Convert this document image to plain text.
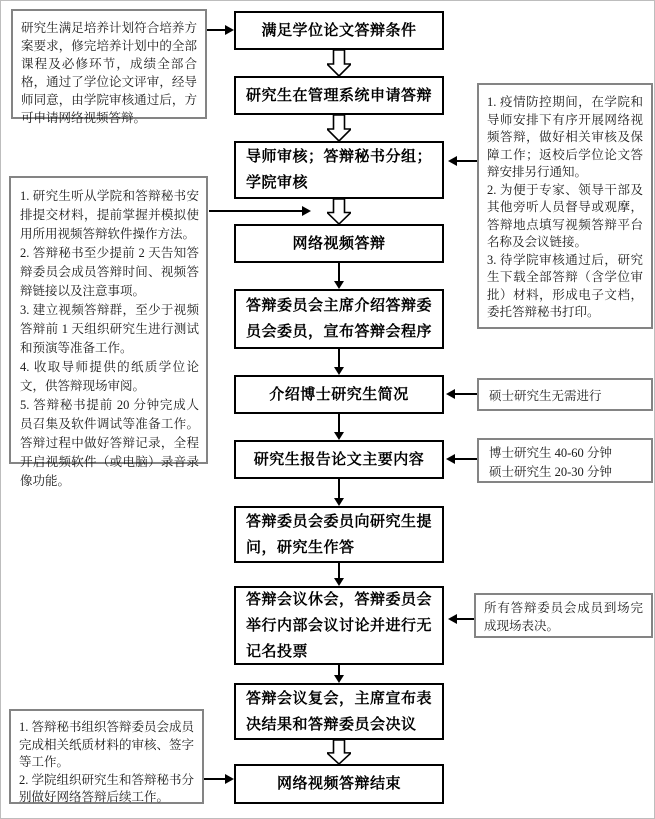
满足学位论文答辩条件
研究生在管理系统申请答辩
导师审核；答辩秘书分组；学院审核
网络视频答辩
答辩委员会主席介绍答辩委员会委员，宣布答辩会程序
介绍博士研究生简况
研究生报告论文主要内容
答辩委员会委员向研究生提问，研究生作答
答辩会议休会，答辩委员会举行内部会议讨论并进行无记名投票
答辩会议复会，主席宣布表决结果和答辩委员会决议
网络视频答辩结束
研究生满足培养计划符合培养方案要求，修完培养计划中的全部课程及必修环节，成绩全部合格，通过了学位论文评审，经导师同意，由学院审核通过后，方可申请网络视频答辩。
1. 研究生听从学院和答辩秘书安排提交材料，提前掌握并模拟使用所用视频答辩软件操作方法。
2. 答辩秘书至少提前 2 天告知答辩委员会成员答辩时间、视频答辩链接以及注意事项。
3. 建立视频答辩群，至少于视频答辩前 1 天组织研究生进行测试和预演等准备工作。
4. 收取导师提供的纸质学位论文，供答辩现场审阅。
5. 答辩秘书提前 20 分钟完成人员召集及软件调试等准备工作。答辩过程中做好答辩记录，全程开启视频软件（或电脑）录音录像功能。
1. 答辩秘书组织答辩委员会成员完成相关纸质材料的审核、签字等工作。
2. 学院组织研究生和答辩秘书分别做好网络答辩后续工作。
1. 疫情防控期间，在学院和导师安排下有序开展网络视频答辩，做好相关审核及保障工作；返校后学位论文答辩安排另行通知。
2. 为便于专家、领导干部及其他旁听人员督导或观摩，答辩地点填写视频答辩平台名称及会议链接。
3. 待学院审核通过后，研究生下载全部答辩（含学位审批）材料，形成电子文档，委托答辩秘书打印。
硕士研究生无需进行
博士研究生 40-60 分钟
硕士研究生 20-30 分钟
所有答辩委员会成员到场完成现场表决。
